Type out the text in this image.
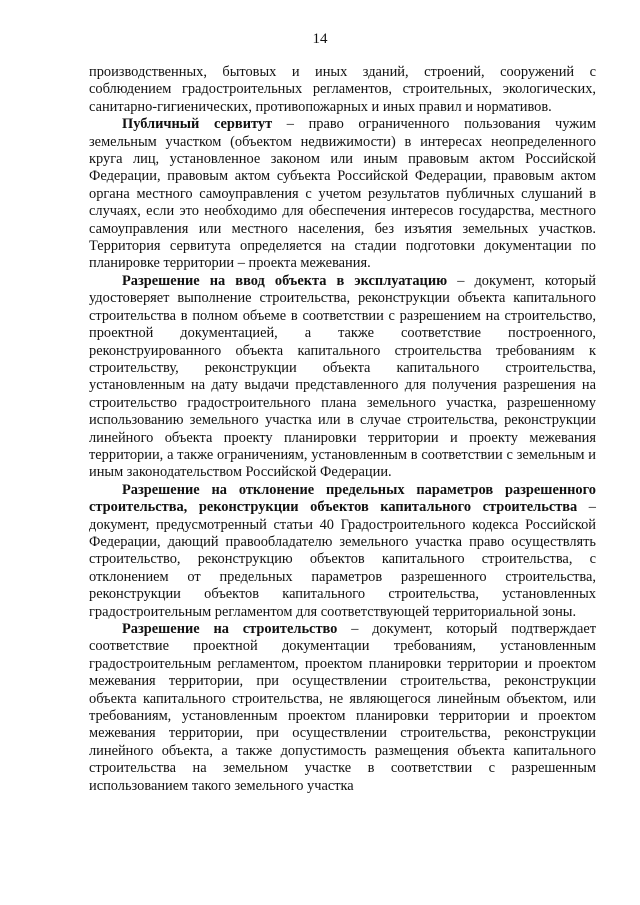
14

производственных, бытовых и иных зданий, строений, сооружений с соблюдением градостроительных регламентов, строительных, экологических, санитарно-гигиенических, противопожарных и иных правил и нормативов.

Публичный сервитут – право ограниченного пользования чужим земельным участком (объектом недвижимости) в интересах неопределенного круга лиц, установленное законом или иным правовым актом Российской Федерации, правовым актом субъекта Российской Федерации, правовым актом органа местного самоуправления с учетом результатов публичных слушаний в случаях, если это необходимо для обеспечения интересов государства, местного самоуправления или местного населения, без изъятия земельных участков. Территория сервитута определяется на стадии подготовки документации по планировке территории – проекта межевания.

Разрешение на ввод объекта в эксплуатацию – документ, который удостоверяет выполнение строительства, реконструкции объекта капитального строительства в полном объеме в соответствии с разрешением на строительство, проектной документацией, а также соответствие построенного, реконструированного объекта капитального строительства требованиям к строительству, реконструкции объекта капитального строительства, установленным на дату выдачи представленного для получения разрешения на строительство градостроительного плана земельного участка, разрешенному использованию земельного участка или в случае строительства, реконструкции линейного объекта проекту планировки территории и проекту межевания территории, а также ограничениям, установленным в соответствии с земельным и иным законодательством Российской Федерации.

Разрешение на отклонение предельных параметров разрешенного строительства, реконструкции объектов капитального строительства – документ, предусмотренный статьи 40 Градостроительного кодекса Российской Федерации, дающий правообладателю земельного участка право осуществлять строительство, реконструкцию объектов капитального строительства, с отклонением от предельных параметров разрешенного строительства, реконструкции объектов капитального строительства, установленных градостроительным регламентом для соответствующей территориальной зоны.

Разрешение на строительство – документ, который подтверждает соответствие проектной документации требованиям, установленным градостроительным регламентом, проектом планировки территории и проектом межевания территории, при осуществлении строительства, реконструкции объекта капитального строительства, не являющегося линейным объектом, или требованиям, установленным проектом планировки территории и проектом межевания территории, при осуществлении строительства, реконструкции линейного объекта, а также допустимость размещения объекта капитального строительства на земельном участке в соответствии с разрешенным использованием такого земельного участка
